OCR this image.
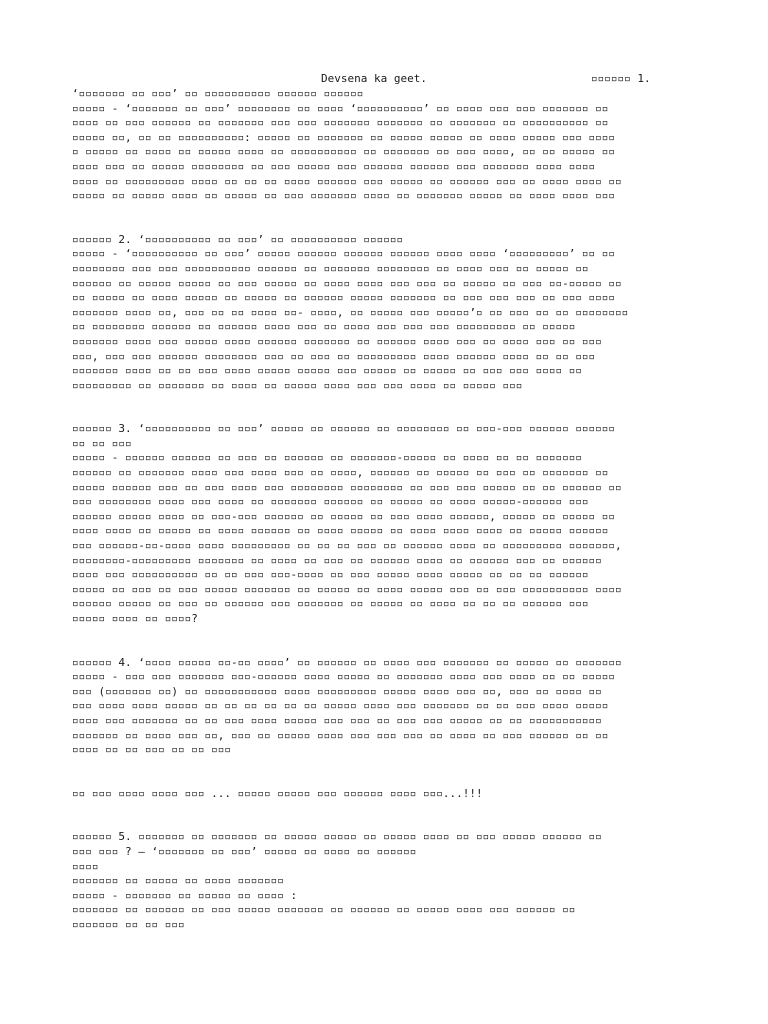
Devsena ka geet.	▫▫▫▫▫▫ 1.

‘▫▫▫▫▫▫▫ ▫▫ ▫▫▫’ ▫▫ ▫▫▫▫▫▫▫▫▫▫ ▫▫▫▫▫▫ ▫▫▫▫▫▫

▫▫▫▫▫ - ‘▫▫▫▫▫▫▫ ▫▫ ▫▫▫’ ▫▫▫▫▫▫▫▫ ▫▫ ▫▫▫▫ ‘▫▫▫▫▫▫▫▫▫▫’ ▫▫ ▫▫▫▫ ▫▫▫ ▫▫▫ ▫▫▫▫▫▫▫ ▫▫

▫▫▫▫ ▫▫ ▫▫▫ ▫▫▫▫▫▫ ▫▫ ▫▫▫▫▫▫▫ ▫▫▫ ▫▫▫ ▫▫▫▫▫▫▫ ▫▫▫▫▫▫▫ ▫▫ ▫▫▫▫▫▫▫ ▫▫ ▫▫▫▫▫▫▫▫▫▫ ▫▫

▫▫▫▫▫ ▫▫, ▫▫ ▫▫ ▫▫▫▫▫▫▫▫▫▫: ▫▫▫▫▫ ▫▫ ▫▫▫▫▫▫▫ ▫▫ ▫▫▫▫▫ ▫▫▫▫▫ ▫▫ ▫▫▫▫ ▫▫▫▫▫ ▫▫▫ ▫▫▫▫

▫ ▫▫▫▫▫ ▫▫ ▫▫▫▫ ▫▫ ▫▫▫▫▫ ▫▫▫▫ ▫▫ ▫▫▫▫▫▫▫▫▫▫ ▫▫ ▫▫▫▫▫▫▫ ▫▫ ▫▫▫ ▫▫▫▫, ▫▫ ▫▫ ▫▫▫▫▫ ▫▫

▫▫▫▫ ▫▫▫ ▫▫ ▫▫▫▫▫ ▫▫▫▫▫▫▫▫ ▫▫ ▫▫▫ ▫▫▫▫▫ ▫▫▫ ▫▫▫▫▫▫ ▫▫▫▫▫▫ ▫▫▫ ▫▫▫▫▫▫▫ ▫▫▫▫ ▫▫▫▫

▫▫▫▫ ▫▫ ▫▫▫▫▫▫▫▫▫ ▫▫▫▫ ▫▫ ▫▫ ▫▫ ▫▫▫▫ ▫▫▫▫▫▫ ▫▫▫ ▫▫▫▫▫ ▫▫ ▫▫▫▫▫▫ ▫▫▫ ▫▫ ▫▫▫▫ ▫▫▫▫ ▫▫

▫▫▫▫▫ ▫▫ ▫▫▫▫▫ ▫▫▫▫ ▫▫ ▫▫▫▫▫ ▫▫ ▫▫▫ ▫▫▫▫▫▫▫ ▫▫▫▫ ▫▫ ▫▫▫▫▫▫▫ ▫▫▫▫▫ ▫▫ ▫▫▫▫ ▫▫▫▫ ▫▫▫

▫▫▫▫▫▫ 2. ‘▫▫▫▫▫▫▫▫▫▫ ▫▫ ▫▫▫’ ▫▫ ▫▫▫▫▫▫▫▫▫▫ ▫▫▫▫▫▫

▫▫▫▫▫ - ‘▫▫▫▫▫▫▫▫▫▫ ▫▫ ▫▫▫’ ▫▫▫▫▫ ▫▫▫▫▫▫ ▫▫▫▫▫▫ ▫▫▫▫▫▫ ▫▫▫▫ ▫▫▫▫ ‘▫▫▫▫▫▫▫▫▫’ ▫▫ ▫▫

▫▫▫▫▫▫▫▫ ▫▫▫ ▫▫▫ ▫▫▫▫▫▫▫▫▫▫ ▫▫▫▫▫▫ ▫▫ ▫▫▫▫▫▫▫ ▫▫▫▫▫▫▫▫ ▫▫ ▫▫▫▫ ▫▫▫ ▫▫ ▫▫▫▫▫ ▫▫

▫▫▫▫▫▫ ▫▫ ▫▫▫▫▫ ▫▫▫▫▫ ▫▫ ▫▫▫ ▫▫▫▫▫ ▫▫ ▫▫▫▫ ▫▫▫▫ ▫▫▫ ▫▫▫ ▫▫ ▫▫▫▫▫ ▫▫ ▫▫▫ ▫▫-▫▫▫▫▫ ▫▫

▫▫ ▫▫▫▫▫ ▫▫ ▫▫▫▫ ▫▫▫▫▫ ▫▫ ▫▫▫▫▫ ▫▫ ▫▫▫▫▫▫ ▫▫▫▫▫ ▫▫▫▫▫▫▫ ▫▫ ▫▫▫ ▫▫▫ ▫▫▫ ▫▫ ▫▫▫ ▫▫▫▫

▫▫▫▫▫▫▫ ▫▫▫▫ ▫▫, ▫▫▫ ▫▫ ▫▫ ▫▫▫▫ ▫▫- ▫▫▫▫, ▫▫ ▫▫▫▫▫ ▫▫▫ ▫▫▫▫▫’▫ ▫▫ ▫▫▫ ▫▫ ▫▫ ▫▫▫▫▫▫▫▫

▫▫ ▫▫▫▫▫▫▫▫ ▫▫▫▫▫▫ ▫▫ ▫▫▫▫▫▫ ▫▫▫▫ ▫▫▫ ▫▫ ▫▫▫▫ ▫▫▫ ▫▫▫ ▫▫▫ ▫▫▫▫▫▫▫▫▫ ▫▫ ▫▫▫▫▫

▫▫▫▫▫▫▫ ▫▫▫▫ ▫▫▫ ▫▫▫▫▫ ▫▫▫▫ ▫▫▫▫▫▫ ▫▫▫▫▫▫▫ ▫▫ ▫▫▫▫▫▫ ▫▫▫▫ ▫▫▫ ▫▫ ▫▫▫▫ ▫▫▫ ▫▫ ▫▫▫

▫▫▫, ▫▫▫ ▫▫▫ ▫▫▫▫▫▫ ▫▫▫▫▫▫▫▫ ▫▫▫ ▫▫ ▫▫▫ ▫▫ ▫▫▫▫▫▫▫▫▫ ▫▫▫▫ ▫▫▫▫▫▫ ▫▫▫▫ ▫▫ ▫▫ ▫▫▫

▫▫▫▫▫▫▫ ▫▫▫▫ ▫▫ ▫▫ ▫▫▫ ▫▫▫▫ ▫▫▫▫▫ ▫▫▫▫▫ ▫▫▫ ▫▫▫▫▫ ▫▫ ▫▫▫▫▫ ▫▫ ▫▫▫ ▫▫▫ ▫▫▫▫ ▫▫

▫▫▫▫▫▫▫▫▫ ▫▫ ▫▫▫▫▫▫▫ ▫▫ ▫▫▫▫ ▫▫ ▫▫▫▫▫ ▫▫▫▫ ▫▫▫ ▫▫▫ ▫▫▫▫ ▫▫ ▫▫▫▫▫ ▫▫▫

▫▫▫▫▫▫ 3. ‘▫▫▫▫▫▫▫▫▫▫ ▫▫ ▫▫▫’ ▫▫▫▫▫ ▫▫ ▫▫▫▫▫▫ ▫▫ ▫▫▫▫▫▫▫▫ ▫▫ ▫▫▫-▫▫▫ ▫▫▫▫▫▫ ▫▫▫▫▫▫

▫▫ ▫▫ ▫▫▫

▫▫▫▫▫ - ▫▫▫▫▫▫ ▫▫▫▫▫▫ ▫▫ ▫▫▫ ▫▫ ▫▫▫▫▫▫ ▫▫ ▫▫▫▫▫▫▫-▫▫▫▫▫ ▫▫ ▫▫▫▫ ▫▫ ▫▫ ▫▫▫▫▫▫▫

▫▫▫▫▫▫ ▫▫ ▫▫▫▫▫▫▫ ▫▫▫▫ ▫▫▫ ▫▫▫▫ ▫▫▫ ▫▫ ▫▫▫▫, ▫▫▫▫▫▫ ▫▫ ▫▫▫▫▫ ▫▫ ▫▫▫ ▫▫ ▫▫▫▫▫▫▫ ▫▫

▫▫▫▫▫ ▫▫▫▫▫▫ ▫▫▫ ▫▫ ▫▫▫ ▫▫▫▫ ▫▫▫ ▫▫▫▫▫▫▫▫ ▫▫▫▫▫▫▫▫ ▫▫ ▫▫▫ ▫▫▫ ▫▫▫▫▫ ▫▫ ▫▫ ▫▫▫▫▫▫ ▫▫

▫▫▫ ▫▫▫▫▫▫▫▫ ▫▫▫▫ ▫▫▫ ▫▫▫▫ ▫▫ ▫▫▫▫▫▫▫ ▫▫▫▫▫▫ ▫▫ ▫▫▫▫▫ ▫▫ ▫▫▫▫ ▫▫▫▫▫-▫▫▫▫▫▫ ▫▫▫

▫▫▫▫▫▫ ▫▫▫▫▫ ▫▫▫▫ ▫▫ ▫▫▫-▫▫▫ ▫▫▫▫▫▫ ▫▫ ▫▫▫▫▫ ▫▫ ▫▫▫ ▫▫▫▫ ▫▫▫▫▫▫, ▫▫▫▫▫ ▫▫ ▫▫▫▫▫ ▫▫

▫▫▫▫ ▫▫▫▫ ▫▫ ▫▫▫▫▫ ▫▫ ▫▫▫▫ ▫▫▫▫▫▫ ▫▫ ▫▫▫▫ ▫▫▫▫▫ ▫▫ ▫▫▫▫ ▫▫▫▫ ▫▫▫▫ ▫▫ ▫▫▫▫▫ ▫▫▫▫▫▫

▫▫▫ ▫▫▫▫▫▫-▫▫-▫▫▫▫ ▫▫▫▫ ▫▫▫▫▫▫▫▫▫ ▫▫ ▫▫ ▫▫ ▫▫▫ ▫▫ ▫▫▫▫▫▫ ▫▫▫▫ ▫▫ ▫▫▫▫▫▫▫▫▫ ▫▫▫▫▫▫▫,

▫▫▫▫▫▫▫▫-▫▫▫▫▫▫▫▫▫ ▫▫▫▫▫▫▫ ▫▫ ▫▫▫▫ ▫▫ ▫▫▫ ▫▫ ▫▫▫▫▫▫ ▫▫▫▫ ▫▫ ▫▫▫▫▫▫ ▫▫▫ ▫▫ ▫▫▫▫▫▫

▫▫▫▫ ▫▫▫ ▫▫▫▫▫▫▫▫▫▫ ▫▫ ▫▫ ▫▫▫ ▫▫▫-▫▫▫▫ ▫▫ ▫▫▫ ▫▫▫▫▫ ▫▫▫▫ ▫▫▫▫▫ ▫▫ ▫▫ ▫▫ ▫▫▫▫▫▫

▫▫▫▫▫ ▫▫ ▫▫▫ ▫▫ ▫▫▫ ▫▫▫▫▫ ▫▫▫▫▫▫▫ ▫▫ ▫▫▫▫▫ ▫▫ ▫▫▫▫ ▫▫▫▫▫ ▫▫▫ ▫▫ ▫▫▫ ▫▫▫▫▫▫▫▫▫▫ ▫▫▫▫

▫▫▫▫▫▫ ▫▫▫▫▫ ▫▫ ▫▫▫ ▫▫ ▫▫▫▫▫▫ ▫▫▫ ▫▫▫▫▫▫▫ ▫▫ ▫▫▫▫▫ ▫▫ ▫▫▫▫ ▫▫ ▫▫ ▫▫ ▫▫▫▫▫▫ ▫▫▫

▫▫▫▫▫ ▫▫▫▫ ▫▫ ▫▫▫▫?

▫▫▫▫▫▫ 4. ‘▫▫▫▫ ▫▫▫▫▫ ▫▫-▫▫ ▫▫▫▫’ ▫▫ ▫▫▫▫▫▫ ▫▫ ▫▫▫▫ ▫▫▫ ▫▫▫▫▫▫▫ ▫▫ ▫▫▫▫▫ ▫▫ ▫▫▫▫▫▫▫

▫▫▫▫▫ - ▫▫▫ ▫▫▫ ▫▫▫▫▫▫▫ ▫▫▫-▫▫▫▫▫▫ ▫▫▫▫ ▫▫▫▫▫ ▫▫ ▫▫▫▫▫▫▫ ▫▫▫▫ ▫▫▫ ▫▫▫▫ ▫▫ ▫▫ ▫▫▫▫▫

▫▫▫ (▫▫▫▫▫▫▫ ▫▫) ▫▫ ▫▫▫▫▫▫▫▫▫▫▫ ▫▫▫▫ ▫▫▫▫▫▫▫▫▫ ▫▫▫▫▫ ▫▫▫▫ ▫▫▫ ▫▫, ▫▫▫ ▫▫ ▫▫▫▫ ▫▫

▫▫▫ ▫▫▫▫ ▫▫▫▫ ▫▫▫▫▫ ▫▫ ▫▫ ▫▫ ▫▫ ▫▫ ▫▫ ▫▫▫▫▫ ▫▫▫▫ ▫▫▫ ▫▫▫▫▫▫▫ ▫▫ ▫▫ ▫▫▫ ▫▫▫▫ ▫▫▫▫▫

▫▫▫▫ ▫▫▫ ▫▫▫▫▫▫▫ ▫▫ ▫▫ ▫▫▫ ▫▫▫▫ ▫▫▫▫▫ ▫▫▫ ▫▫▫ ▫▫ ▫▫▫ ▫▫▫ ▫▫▫▫▫ ▫▫ ▫▫ ▫▫▫▫▫▫▫▫▫▫▫

▫▫▫▫▫▫▫ ▫▫ ▫▫▫▫ ▫▫▫ ▫▫, ▫▫▫ ▫▫ ▫▫▫▫▫ ▫▫▫▫ ▫▫▫ ▫▫▫ ▫▫▫ ▫▫ ▫▫▫▫ ▫▫ ▫▫▫ ▫▫▫▫▫▫ ▫▫ ▫▫

▫▫▫▫ ▫▫ ▫▫ ▫▫▫ ▫▫ ▫▫ ▫▫▫

▫▫ ▫▫▫ ▫▫▫▫ ▫▫▫▫ ▫▫▫ ... ▫▫▫▫▫ ▫▫▫▫▫ ▫▫▫ ▫▫▫▫▫▫ ▫▫▫▫ ▫▫▫...!!!

▫▫▫▫▫▫ 5. ▫▫▫▫▫▫▫ ▫▫ ▫▫▫▫▫▫▫ ▫▫ ▫▫▫▫▫ ▫▫▫▫▫ ▫▫ ▫▫▫▫▫ ▫▫▫▫ ▫▫ ▫▫▫ ▫▫▫▫▫ ▫▫▫▫▫▫ ▫▫

▫▫▫ ▫▫▫ ? – ‘▫▫▫▫▫▫▫ ▫▫ ▫▫▫’ ▫▫▫▫▫ ▫▫ ▫▫▫▫ ▫▫ ▫▫▫▫▫▫

▫▫▫▫

▫▫▫▫▫▫▫ ▫▫ ▫▫▫▫▫ ▫▫ ▫▫▫▫ ▫▫▫▫▫▫▫

▫▫▫▫▫ - ▫▫▫▫▫▫▫ ▫▫ ▫▫▫▫▫ ▫▫ ▫▫▫▫ :

▫▫▫▫▫▫▫ ▫▫ ▫▫▫▫▫▫ ▫▫ ▫▫▫ ▫▫▫▫▫ ▫▫▫▫▫▫▫ ▫▫ ▫▫▫▫▫▫ ▫▫ ▫▫▫▫▫ ▫▫▫▫ ▫▫▫ ▫▫▫▫▫▫ ▫▫

▫▫▫▫▫▫▫ ▫▫ ▫▫ ▫▫▫
